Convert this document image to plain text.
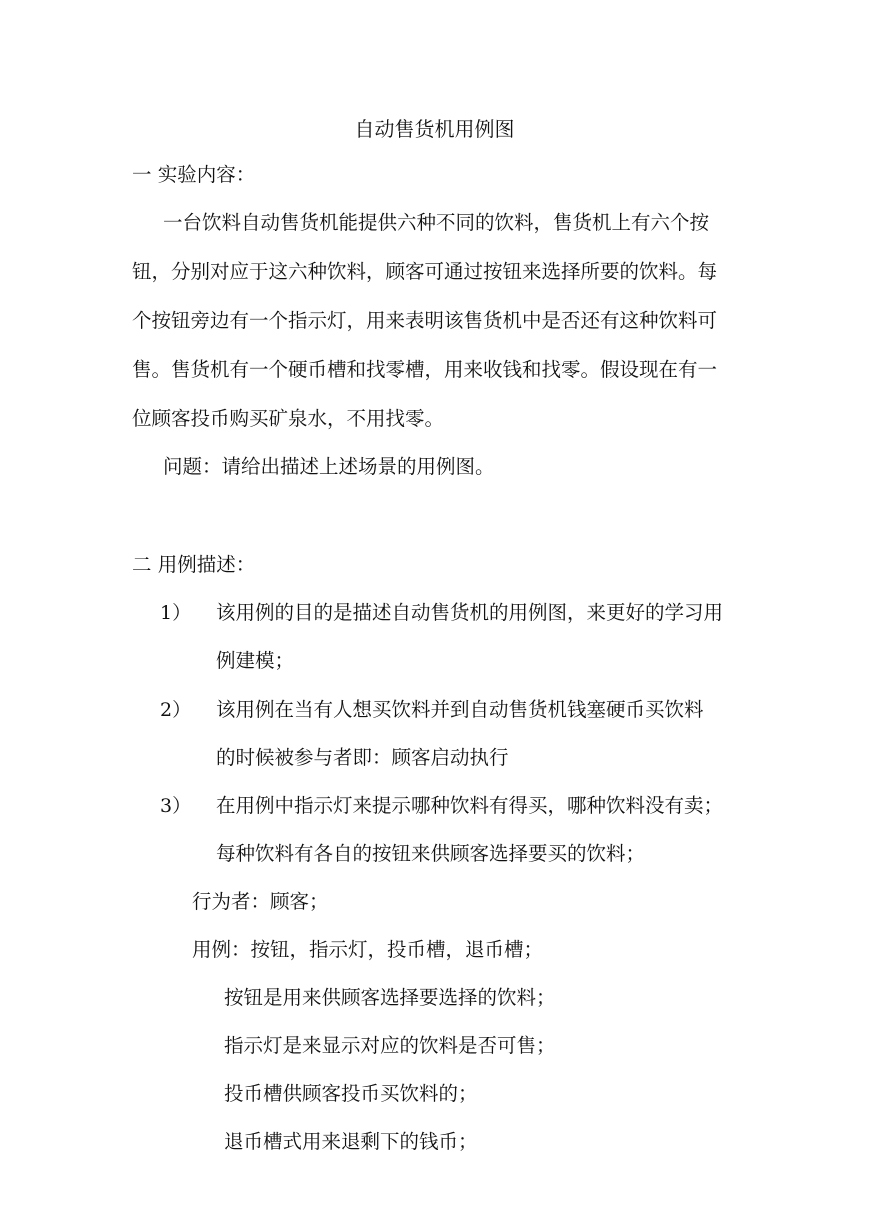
自动售货机用例图
一 实验内容：
一台饮料自动售货机能提供六种不同的饮料，售货机上有六个按
钮，分别对应于这六种饮料，顾客可通过按钮来选择所要的饮料。每
个按钮旁边有一个指示灯，用来表明该售货机中是否还有这种饮料可
售。售货机有一个硬币槽和找零槽，用来收钱和找零。假设现在有一
位顾客投币购买矿泉水，不用找零。
问题：请给出描述上述场景的用例图。
二 用例描述：
1） 该用例的目的是描述自动售货机的用例图，来更好的学习用
例建模；
2） 该用例在当有人想买饮料并到自动售货机钱塞硬币买饮料
的时候被参与者即：顾客启动执行
3） 在用例中指示灯来提示哪种饮料有得买，哪种饮料没有卖；
每种饮料有各自的按钮来供顾客选择要买的饮料；
行为者：顾客；
用例：按钮，指示灯，投币槽，退币槽；
按钮是用来供顾客选择要选择的饮料；
指示灯是来显示对应的饮料是否可售；
投币槽供顾客投币买饮料的；
退币槽式用来退剩下的钱币；
